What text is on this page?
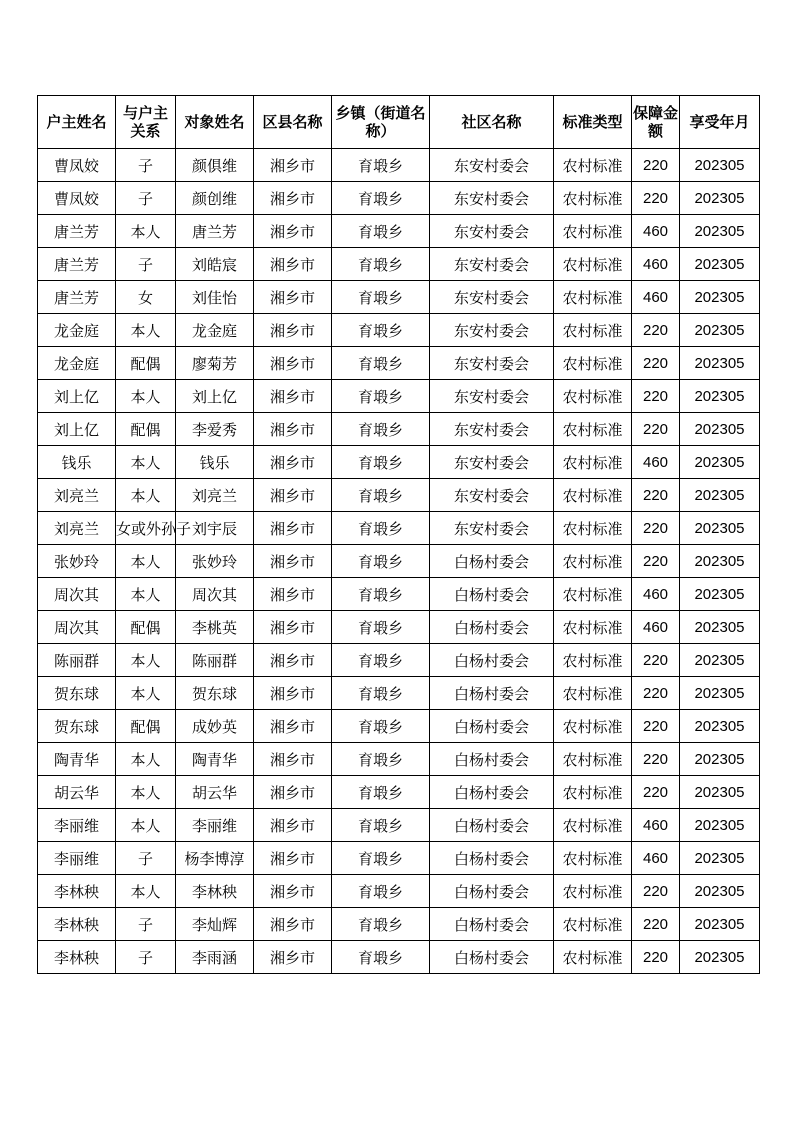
户主姓名	与户主关系	对象姓名	区县名称	乡镇（街道名称）	社区名称	标准类型	保障金额	享受年月

曹凤姣	子	颜俱维	湘乡市	育塅乡	东安村委会	农村标准	220	202305

曹凤姣	子	颜创维	湘乡市	育塅乡	东安村委会	农村标准	220	202305

唐兰芳	本人	唐兰芳	湘乡市	育塅乡	东安村委会	农村标准	460	202305

唐兰芳	子	刘皓宸	湘乡市	育塅乡	东安村委会	农村标准	460	202305

唐兰芳	女	刘佳怡	湘乡市	育塅乡	东安村委会	农村标准	460	202305

龙金庭	本人	龙金庭	湘乡市	育塅乡	东安村委会	农村标准	220	202305

龙金庭	配偶	廖菊芳	湘乡市	育塅乡	东安村委会	农村标准	220	202305

刘上亿	本人	刘上亿	湘乡市	育塅乡	东安村委会	农村标准	220	202305

刘上亿	配偶	李爱秀	湘乡市	育塅乡	东安村委会	农村标准	220	202305

钱乐	本人	钱乐	湘乡市	育塅乡	东安村委会	农村标准	460	202305

刘亮兰	本人	刘亮兰	湘乡市	育塅乡	东安村委会	农村标准	220	202305

刘亮兰	女或外孙子	刘宇辰	湘乡市	育塅乡	东安村委会	农村标准	220	202305

张妙玲	本人	张妙玲	湘乡市	育塅乡	白杨村委会	农村标准	220	202305

周次其	本人	周次其	湘乡市	育塅乡	白杨村委会	农村标准	460	202305

周次其	配偶	李桃英	湘乡市	育塅乡	白杨村委会	农村标准	460	202305

陈丽群	本人	陈丽群	湘乡市	育塅乡	白杨村委会	农村标准	220	202305

贺东球	本人	贺东球	湘乡市	育塅乡	白杨村委会	农村标准	220	202305

贺东球	配偶	成妙英	湘乡市	育塅乡	白杨村委会	农村标准	220	202305

陶青华	本人	陶青华	湘乡市	育塅乡	白杨村委会	农村标准	220	202305

胡云华	本人	胡云华	湘乡市	育塅乡	白杨村委会	农村标准	220	202305

李丽维	本人	李丽维	湘乡市	育塅乡	白杨村委会	农村标准	460	202305

李丽维	子	杨李博淳	湘乡市	育塅乡	白杨村委会	农村标准	460	202305

李林秧	本人	李林秧	湘乡市	育塅乡	白杨村委会	农村标准	220	202305

李林秧	子	李灿辉	湘乡市	育塅乡	白杨村委会	农村标准	220	202305

李林秧	子	李雨涵	湘乡市	育塅乡	白杨村委会	农村标准	220	202305
